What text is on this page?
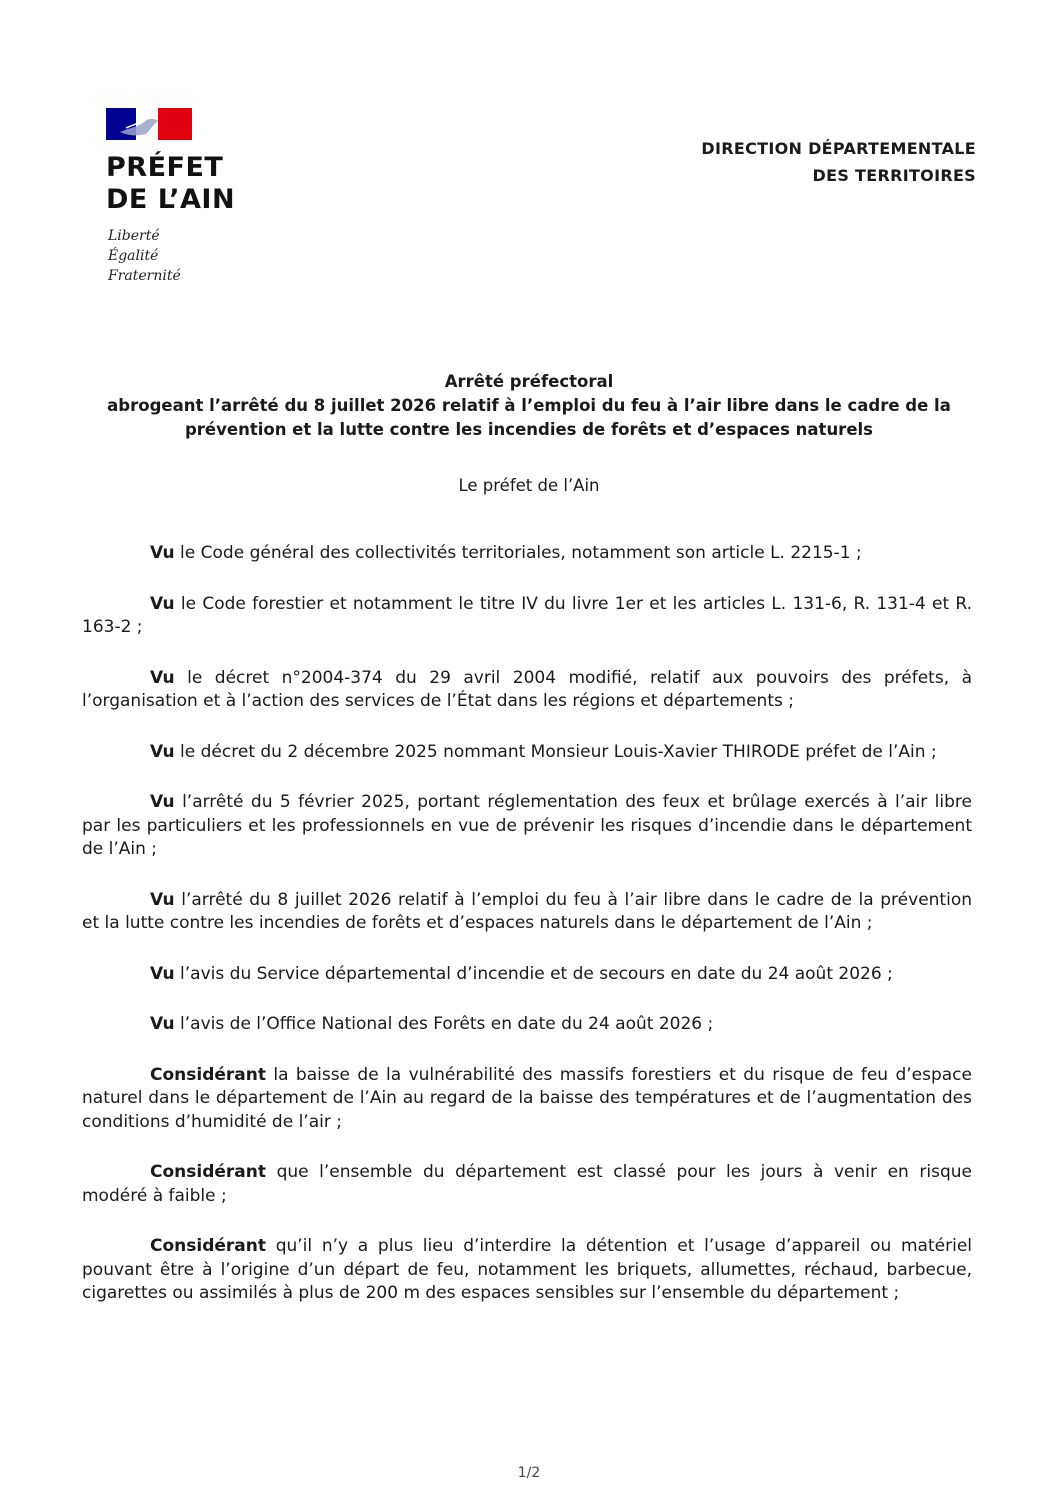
PRÉFET
DE L’AIN
Liberté
Égalité
Fraternité
DIRECTION DÉPARTEMENTALE
DES TERRITOIRES
Arrêté préfectoral
abrogeant l’arrêté du 8 juillet 2026 relatif à l’emploi du feu à l’air libre dans le cadre de la
prévention et la lutte contre les incendies de forêts et d’espaces naturels
Le préfet de l’Ain

Vu le Code général des collectivités territoriales, notamment son article L. 2215-1 ;

Vu le Code forestier et notamment le titre IV du livre 1er et les articles L. 131-6, R. 131-4 et R. 163-2 ;

Vu le décret n°2004-374 du 29 avril 2004 modifié, relatif aux pouvoirs des préfets, à l’organisation et à l’action des services de l’État dans les régions et départements ;

Vu le décret du 2 décembre 2025 nommant Monsieur Louis-Xavier THIRODE préfet de l’Ain ;

Vu l’arrêté du 5 février 2025, portant réglementation des feux et brûlage exercés à l’air libre par les particuliers et les professionnels en vue de prévenir les risques d’incendie dans le département de l’Ain ;

Vu l’arrêté du 8 juillet 2026 relatif à l’emploi du feu à l’air libre dans le cadre de la prévention et la lutte contre les incendies de forêts et d’espaces naturels dans le département de l’Ain ;

Vu l’avis du Service départemental d’incendie et de secours en date du 24 août 2026 ;

Vu l’avis de l’Office National des Forêts en date du 24 août 2026 ;

Considérant la baisse de la vulnérabilité des massifs forestiers et du risque de feu d’espace naturel dans le département de l’Ain au regard de la baisse des températures et de l’augmentation des conditions d’humidité de l’air ;

Considérant que l’ensemble du département est classé pour les jours à venir en risque modéré à faible ;

Considérant qu’il n’y a plus lieu d’interdire la détention et l’usage d’appareil ou matériel pouvant être à l’origine d’un départ de feu, notamment les briquets, allumettes, réchaud, barbecue, cigarettes ou assimilés à plus de 200 m des espaces sensibles sur l’ensemble du département ;

1/2
